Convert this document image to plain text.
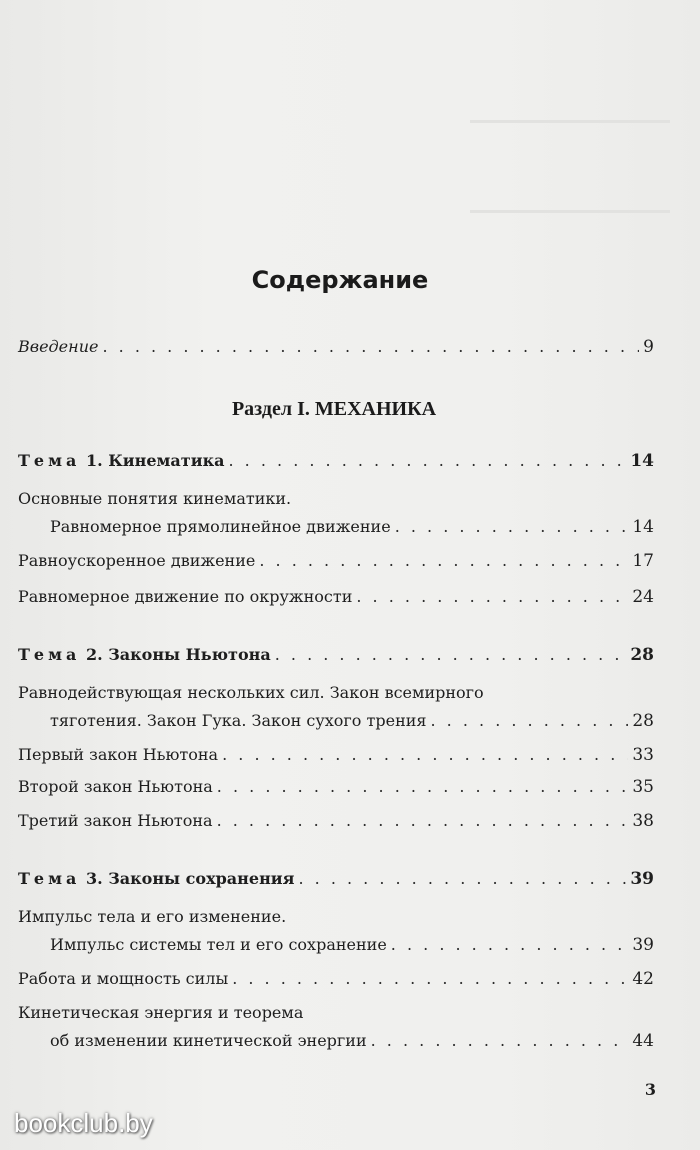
Содержание
Введение . . .	9
Раздел I. МЕХАНИКА
Тема 1. Кинематика . . .	14
Основные понятия кинематики.
Равномерное прямолинейное движение . . .	14
Равноускоренное движение . . .	17
Равномерное движение по окружности . . .	24
Тема 2. Законы Ньютона . . .	28
Равнодействующая нескольких сил. Закон всемирного
тяготения. Закон Гука. Закон сухого трения . . .	28
Первый закон Ньютона . . .	33
Второй закон Ньютона . . .	35
Третий закон Ньютона . . .	38
Тема 3. Законы сохранения . . .	39
Импульс тела и его изменение.
Импульс системы тел и его сохранение . . .	39
Работа и мощность силы . . .	42
Кинетическая энергия и теорема
об изменении кинетической энергии . . .	44
3
bookclub.by
